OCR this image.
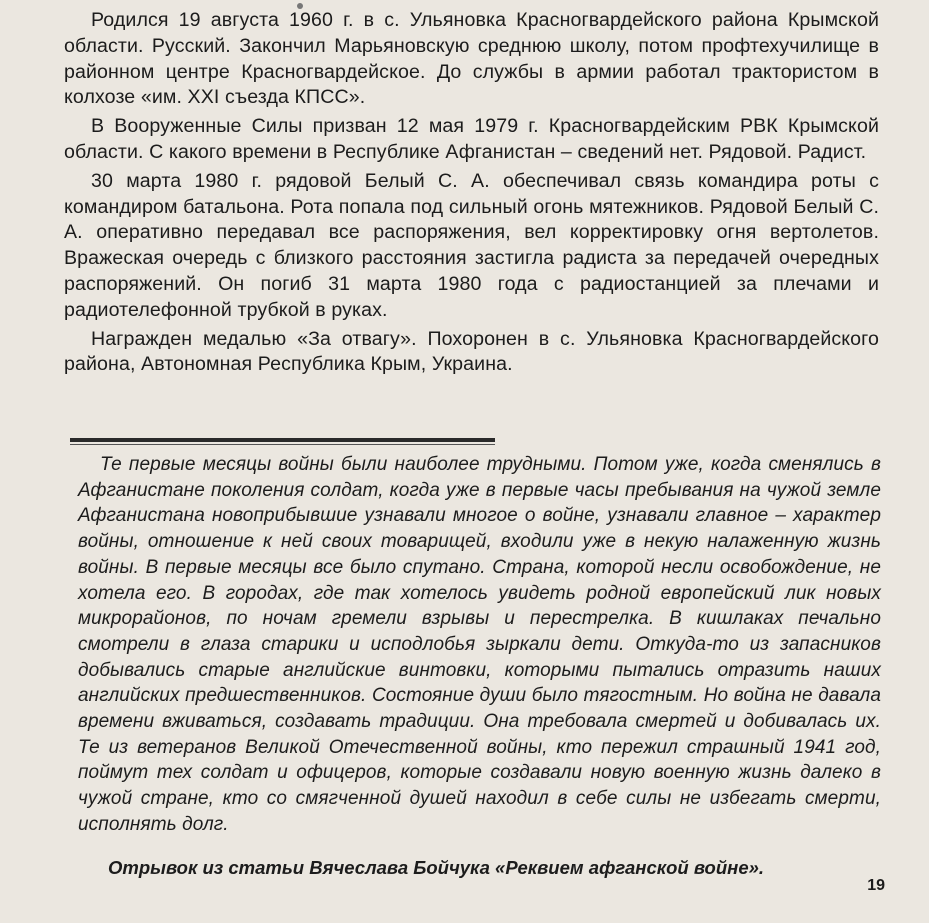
Родился 19 августа 1960 г. в с. Ульяновка Красногвардейского района Крымской области. Русский. Закончил Марьяновскую среднюю школу, потом профтехучилище в районном центре Красногвардейское. До службы в армии работал трактористом в колхозе «им. XXI съезда КПСС».

В Вооруженные Силы призван 12 мая 1979 г. Красногвардейским РВК Крымской области. С какого времени в Республике Афганистан – сведений нет. Рядовой. Радист.

30 марта 1980 г. рядовой Белый С. А. обеспечивал связь командира роты с командиром батальона. Рота попала под сильный огонь мятежников. Рядовой Белый С. А. оперативно передавал все распоряжения, вел корректировку огня вертолетов. Вражеская очередь с близкого расстояния застигла радиста за передачей очередных распоряжений. Он погиб 31 марта 1980 года с радиостанцией за плечами и радиотелефонной трубкой в руках.

Награжден медалью «За отвагу». Похоронен в с. Ульяновка Красногвардейского района, Автономная Республика Крым, Украина.

Те первые месяцы войны были наиболее трудными. Потом уже, когда сменялись в Афганистане поколения солдат, когда уже в первые часы пребывания на чужой земле Афганистана новоприбывшие узнавали многое о войне, узнавали главное – характер войны, отношение к ней своих товарищей, входили уже в некую налаженную жизнь войны. В первые месяцы все было спутано. Страна, которой несли освобождение, не хотела его. В городах, где так хотелось увидеть родной европейский лик новых микрорайонов, по ночам гремели взрывы и перестрелка. В кишлаках печально смотрели в глаза старики и исподлобья зыркали дети. Откуда-то из запасников добывались старые английские винтовки, которыми пытались отразить наших английских предшественников. Состояние души было тягостным. Но война не давала времени вживаться, создавать традиции. Она требовала смертей и добивалась их. Те из ветеранов Великой Отечественной войны, кто пережил страшный 1941 год, поймут тех солдат и офицеров, которые создавали новую военную жизнь далеко в чужой стране, кто со смягченной душей находил в себе силы не избегать смерти, исполнять долг.

Отрывок из статьи Вячеслава Бойчука «Реквием афганской войне».
19
